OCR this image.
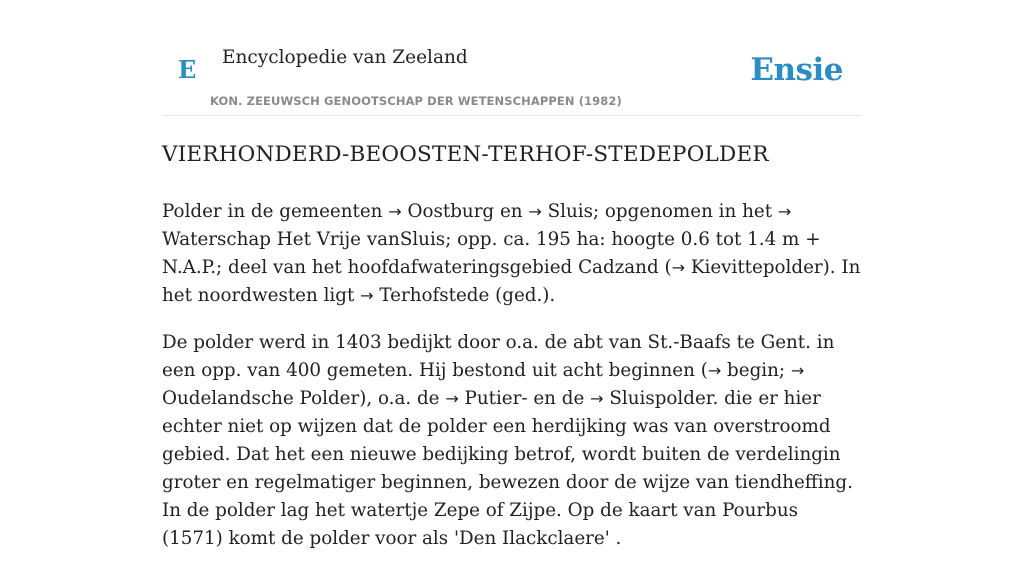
E Encyclopedie van Zeeland
KON. ZEEUWSCH GENOOTSCHAP DER WETENSCHAPPEN (1982)
Ensie
VIERHONDERD-BEOOSTEN-TERHOF-STEDEPOLDER

Polder in de gemeenten → Oostburg en → Sluis; opgenomen in het → Waterschap Het Vrije vanSluis; opp. ca. 195 ha: hoogte 0.6 tot 1.4 m + N.A.P.; deel van het hoofdafwateringsgebied Cadzand (→ Kievittepolder). In het noordwesten ligt → Terhofstede (ged.).

De polder werd in 1403 bedijkt door o.a. de abt van St.-Baafs te Gent. in een opp. van 400 gemeten. Hij bestond uit acht beginnen (→ begin; → Oudelandsche Polder), o.a. de → Putier- en de → Sluispolder. die er hier echter niet op wijzen dat de polder een herdijking was van overstroomd gebied. Dat het een nieuwe bedijking betrof, wordt buiten de verdelingin groter en regelmatiger beginnen, bewezen door de wijze van tiendheffing. In de polder lag het watertje Zepe of Zijpe. Op de kaart van Pourbus (1571) komt de polder voor als 'Den Ilackclaere' .
